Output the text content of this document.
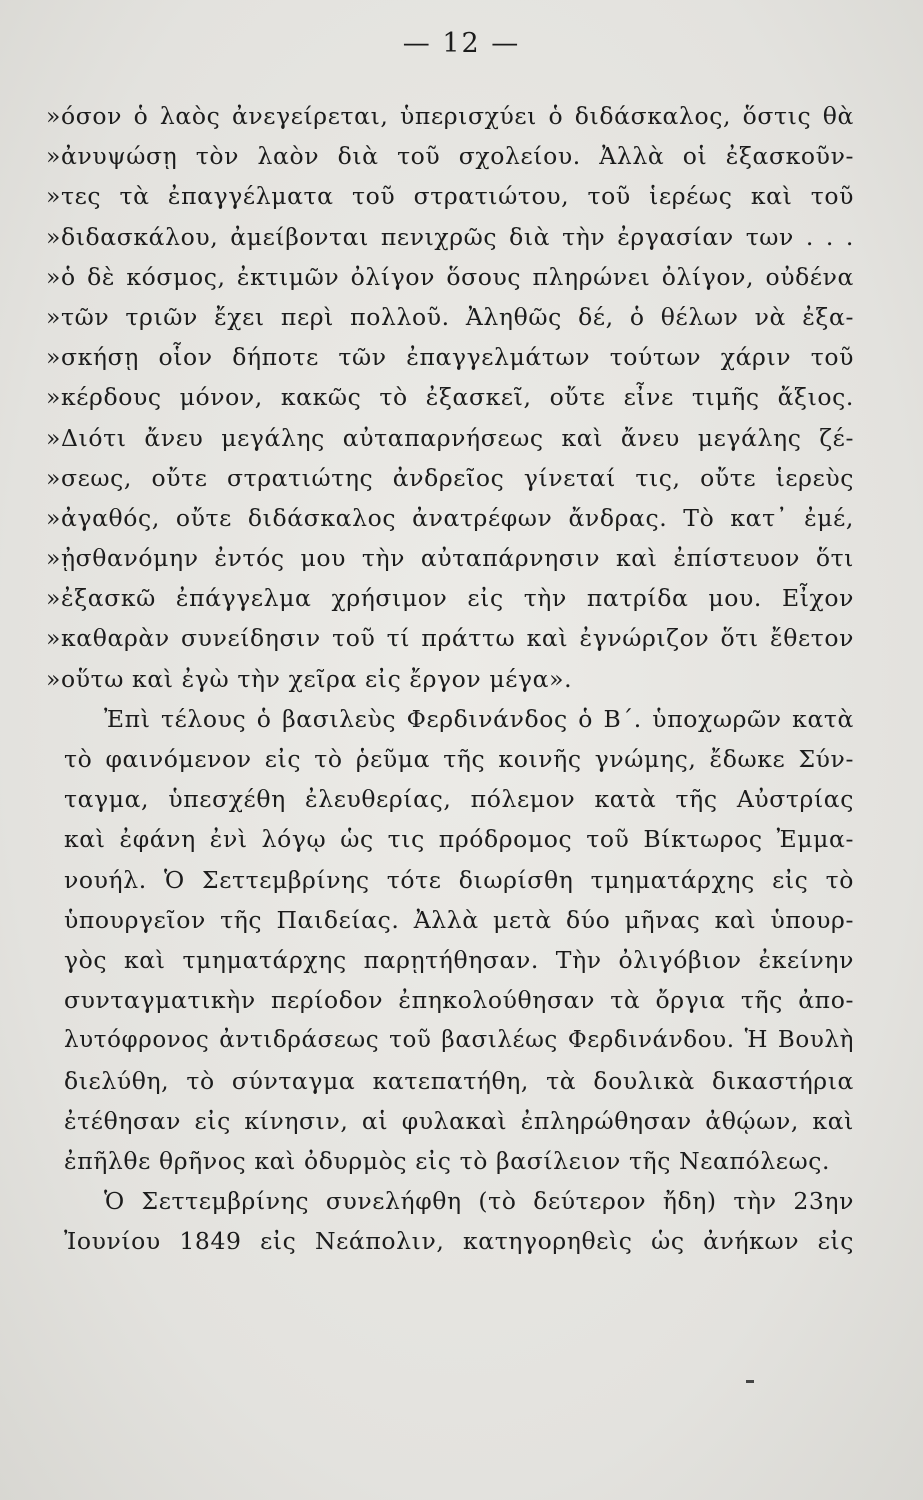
— 12 —
»όσον ὁ λαὸς ἀνεγείρεται, ὑπερισχύει ὁ διδάσκαλος, ὅστις θὰ
»ἀνυψώσῃ τὸν λαὸν διὰ τοῦ σχολείου. Ἀλλὰ οἱ ἐξασκοῦν-
»τες τὰ ἐπαγγέλματα τοῦ στρατιώτου, τοῦ ἱερέως καὶ τοῦ
»διδασκάλου, ἀμείβονται πενιχρῶς διὰ τὴν ἐργασίαν των . . .
»ὁ δὲ κόσμος, ἐκτιμῶν ὀλίγον ὅσους πληρώνει ὀλίγον, οὐδένα
»τῶν τριῶν ἔχει περὶ πολλοῦ. Ἀληθῶς δέ, ὁ θέλων νὰ ἐξα-
»σκήσῃ οἷον δήποτε τῶν ἐπαγγελμάτων τούτων χάριν τοῦ
»κέρδους μόνον, κακῶς τὸ ἐξασκεῖ, οὔτε εἶνε τιμῆς ἄξιος.
»Διότι ἄνευ μεγάλης αὐταπαρνήσεως καὶ ἄνευ μεγάλης ζέ-
»σεως, οὔτε στρατιώτης ἀνδρεῖος γίνεταί τις, οὔτε ἱερεὺς
»ἀγαθός, οὔτε διδάσκαλος ἀνατρέφων ἄνδρας. Τὸ κατ᾽ ἐμέ,
»ᾐσθανόμην ἐντός μου τὴν αὐταπάρνησιν καὶ ἐπίστευον ὅτι
»ἐξασκῶ ἐπάγγελμα χρήσιμον εἰς τὴν πατρίδα μου. Εἶχον
»καθαρὰν συνείδησιν τοῦ τί πράττω καὶ ἐγνώριζον ὅτι ἔθετον
»οὕτω καὶ ἐγὼ τὴν χεῖρα εἰς ἔργον μέγα».
Ἐπὶ τέλους ὁ βασιλεὺς Φερδινάνδος ὁ Β΄. ὑποχωρῶν κατὰ
τὸ φαινόμενον εἰς τὸ ῥεῦμα τῆς κοινῆς γνώμης, ἔδωκε Σύν-
ταγμα, ὑπεσχέθη ἐλευθερίας, πόλεμον κατὰ τῆς Αὐστρίας
καὶ ἐφάνη ἐνὶ λόγῳ ὡς τις πρόδρομος τοῦ Βίκτωρος Ἐμμα-
νουήλ. Ὁ Σεττεμβρίνης τότε διωρίσθη τμηματάρχης εἰς τὸ
ὑπουργεῖον τῆς Παιδείας. Ἀλλὰ μετὰ δύο μῆνας καὶ ὑπουρ-
γὸς καὶ τμηματάρχης παρῃτήθησαν. Τὴν ὀλιγόβιον ἐκείνην
συνταγματικὴν περίοδον ἐπηκολούθησαν τὰ ὄργια τῆς ἀπο-
λυτόφρονος ἀντιδράσεως τοῦ βασιλέως Φερδινάνδου. Ἡ Βουλὴ
διελύθη, τὸ σύνταγμα κατεπατήθη, τὰ δουλικὰ δικαστήρια
ἐτέθησαν εἰς κίνησιν, αἱ φυλακαὶ ἐπληρώθησαν ἀθῴων, καὶ
ἐπῆλθε θρῆνος καὶ ὀδυρμὸς εἰς τὸ βασίλειον τῆς Νεαπόλεως.
Ὁ Σεττεμβρίνης συνελήφθη (τὸ δεύτερον ἤδη) τὴν 23ην
Ἰουνίου 1849 εἰς Νεάπολιν, κατηγορηθεὶς ὡς ἀνήκων εἰς
